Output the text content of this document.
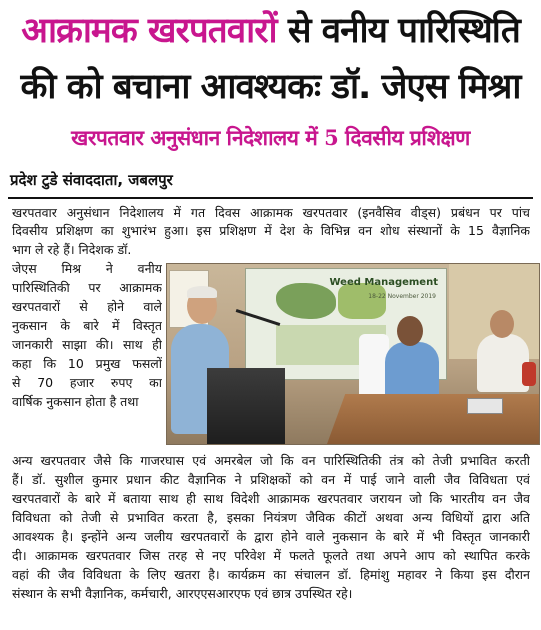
आक्रामक खरपतवारों से वनीय पारिस्थिति
की को बचाना आवश्यकः डॉ. जेएस मिश्रा
खरपतवार अनुसंधान निदेशालय में 5 दिवसीय प्रशिक्षण
प्रदेश टुडे संवाददाता, जबलपुर
खरपतवार अनुसंधान निदेशालय में गत दिवस आक्रामक खरपतवार (इनवैसिव वीड्स) प्रबंधन पर पांच
दिवसीय प्रशिक्षण का शुभारंभ हुआ। इस प्रशिक्षण में देश के विभिन्न वन शोध संस्थानों के 15 वैज्ञानिक
भाग ले रहे हैं। निदेशक डॉ.
जेएस मिश्र ने वनीय
पारिस्थितिकी पर आक्रामक
खरपतवारों से होने वाले
नुकसान के बारे में विस्तृत
जानकारी साझा की। साथ ही
कहा कि 10 प्रमुख फसलों
से 70 हजार रुपए का
वार्षिक नुकसान होता है तथा
Weed Management
18-22 November 2019
अन्य खरपतवार जैसे कि गाजरघास एवं अमरबेल जो कि वन पारिस्थितिकी तंत्र को तेजी प्रभावित करती
हैं। डॉ. सुशील कुमार प्रधान कीट वैज्ञानिक ने प्रशिक्षकों को वन में पाई जाने वाली जैव विविधता एवं
खरपतवारों के बारे में बताया साथ ही साथ विदेशी आक्रामक खरपतवार जरायन जो कि भारतीय वन जैव
विविधता को तेजी से प्रभावित करता है, इसका नियंत्रण जैविक कीटों अथवा अन्य विधियों द्वारा अति
आवश्यक है। इन्होंने अन्य जलीय खरपतवारों के द्वारा होने वाले नुकसान के बारे में भी विस्तृत जानकारी
दी। आक्रामक खरपतवार जिस तरह से नए परिवेश में फलते फूलते तथा अपने आप को स्थापित करके
वहां की जैव विविधता के लिए खतरा है। कार्यक्रम का संचालन डॉ. हिमांशु महावर ने किया इस दौरान
संस्थान के सभी वैज्ञानिक, कर्मचारी, आरएएसआरएफ एवं छात्र उपस्थित रहे।
